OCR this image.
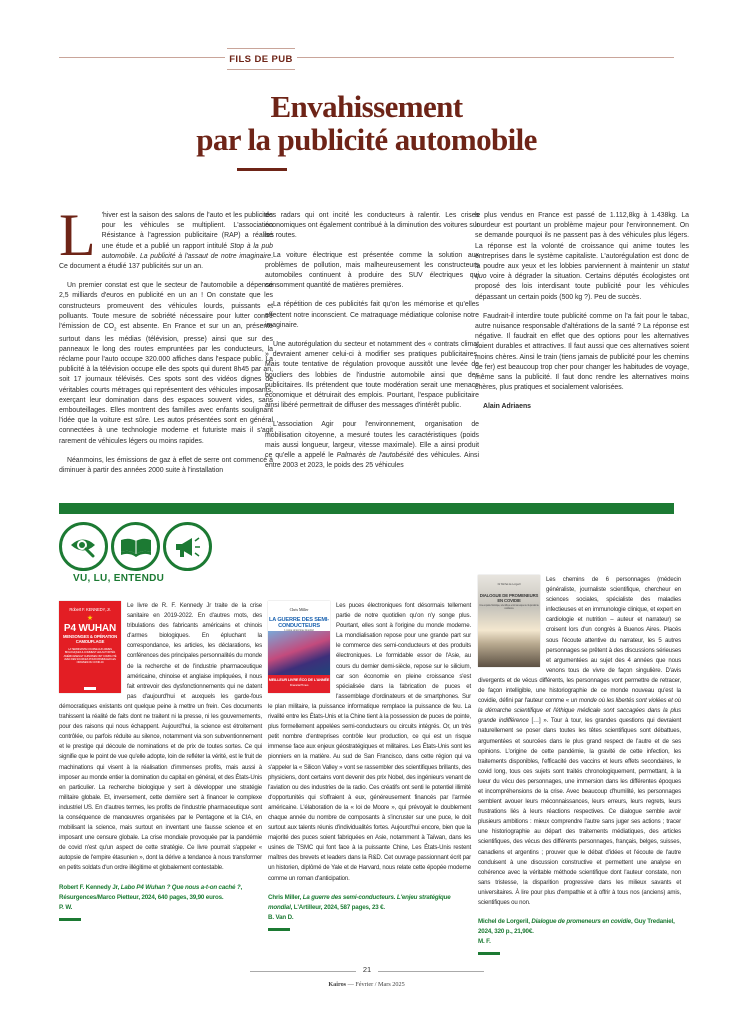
FILS DE PUB
Envahissement
par la publicité automobile

L 'hiver est la saison des salons de l'auto et les publicités pour les véhicules se multiplient. L'association Résistance à l'agression publicitaire (RAP) a réalisé une étude et a publié un rapport intitulé Stop à la pub automobile. La publicité à l'assaut de notre imaginaire. Ce document a étudié 137 publicités sur un an.

Un premier constat est que le secteur de l'automobile a dépensé 2,5 milliards d'euros en publicité en un an ! On constate que les constructeurs promeuvent des véhicules lourds, puissants et polluants. Toute mesure de sobriété nécessaire pour lutter contre l'émission de $CO_2$ est absente. En France et sur un an, présente surtout dans les médias (télévision, presse) ainsi que sur des panneaux le long des routes empruntées par les conducteurs, la réclame pour l'auto occupe 320.000 affiches dans l'espace public. La publicité à la télévision occupe elle des spots qui durent 8h45 par an, soit 17 journaux télévisés. Ces spots sont des vidéos dignes de véritables courts métrages qui représentent des véhicules imposants, exerçant leur domination dans des espaces souvent vides, sans embouteillages. Elles montrent des familles avec enfants soulignant l'idée que la voiture est sûre. Les autos présentées sont en général connectées à une technologie moderne et futuriste mais il s'agit rarement de véhicules légers ou moins rapides.

Néanmoins, les émissions de gaz à effet de serre ont commencé à diminuer à partir des années 2000 suite à l'installation

des radars qui ont incité les conducteurs à ralentir. Les crises économiques ont également contribué à la diminution des voitures sur les routes.

La voiture électrique est présentée comme la solution aux problèmes de pollution, mais malheureusement les constructeurs automobiles continuent à produire des SUV électriques qui consomment quantité de matières premières.

La répétition de ces publicités fait qu'on les mémorise et qu'elles affectent notre inconscient. Ce matraquage médiatique colonise notre imaginaire.

Une autorégulation du secteur et notamment des « contrats climat » devraient amener celui-ci à modifier ses pratiques publicitaires. Mais toute tentative de régulation provoque aussitôt une levée de boucliers des lobbies de l'industrie automobile ainsi que des publicitaires. Ils prétendent que toute modération serait une menace économique et détruirait des emplois. Pourtant, l'espace publicitaire ainsi libéré permettrait de diffuser des messages d'intérêt public.

L'association Agir pour l'environnement, organisation de mobilisation citoyenne, a mesuré toutes les caractéristiques (poids mais aussi longueur, largeur, vitesse maximale). Elle a ainsi produit ce qu'elle a appelé le Palmarès de l'autobésité des véhicules. Ainsi entre 2003 et 2023, le poids des 25 véhicules

le plus vendus en France est passé de 1.112,8kg à 1.438kg. La lourdeur est pourtant un problème majeur pour l'environnement. On se demande pourquoi ils ne passent pas à des véhicules plus légers. La réponse est la volonté de croissance qui anime toutes les entreprises dans le système capitaliste. L'autorégulation est donc de la poudre aux yeux et les lobbies parviennent à maintenir un statut quo voire à dégrader la situation. Certains députés écologistes ont proposé des lois interdisant toute publicité pour les véhicules dépassant un certain poids (500 kg ?). Peu de succès.

Faudrait-il interdire toute publicité comme on l'a fait pour le tabac, autre nuisance responsable d'altérations de la santé ? La réponse est négative. Il faudrait en effet que des options pour les alternatives soient durables et attractives. Il faut aussi que ces alternatives soient moins chères. Ainsi le train (tiens jamais de publicité pour les chemins de fer) est beaucoup trop cher pour changer les habitudes de voyage, même sans la publicité. Il faut donc rendre les alternatives moins chères, plus pratiques et socialement valorisées.

Alain Adriaens

VU, LU, ENTENDU
Robert F. KENNEDY, Jr.
★
P4 WUHAN
MENSONGES & OPÉRATION CAMOUFLAGE
LA TERRIFIANTE COURSE AUX ARMES BIOLOGIQUES & COMMENT LES AUTORITÉS AMÉRICAINES ET CHINOISES ONT COMPLOTÉ AVEC DES SOURCES POUR DISSIMULER LES ORIGINES DU COVID-19
Le livre de R. F. Kennedy Jr traite de la crise sanitaire en 2019-2022. En d'autres mots, des tribulations des fabricants américains et chinois d'armes biologiques. En épluchant la correspondance, les articles, les déclarations, les conférences des principales personnalités du monde de la recherche et de l'industrie pharmaceutique américaine, chinoise et anglaise impliquées, il nous fait entrevoir des dysfonctionnements qui ne datent pas d'aujourd'hui et auxquels les garde-fous démocratiques existants ont quelque peine à mettre un frein. Ces documents trahissent la réalité de faits dont ne traitent ni la presse, ni les gouvernements, pour des raisons qui nous échappent. Aujourd'hui, la science est étroitement contrôlée, ou parfois réduite au silence, notamment via son subventionnement et le prestige qui découle de nominations et de prix de toutes sortes. Ce qui signifie que le point de vue qu'elle adopte, loin de refléter la vérité, est le fruit de machinations qui visent à la réalisation d'immenses profits, mais aussi à imposer au monde entier la domination du capital en général, et des États-Unis en particulier. La recherche biologique y sert à développer une stratégie militaire globale. Et, inversement, cette dernière sert à financer le complexe industriel US. En d'autres termes, les profits de l'industrie pharmaceutique sont la conséquence de manœuvres organisées par le Pentagone et la CIA, en mobilisant la science, mais surtout en inventant une fausse science et en imposant une censure globale. La crise mondiale provoquée par la pandémie de covid n'est qu'un aspect de cette stratégie. Ce livre pourrait s'appeler « autopsie de l'empire étasunien », dont la dérive a tendance à nous transformer en petits soldats d'un ordre illégitime et globalement contestable.
Robert F. Kennedy Jr, Labo P4 Wuhan ? Que nous a-t-on caché ?, Résurgences/Marco Pietteur, 2024, 640 pages, 39,90 euros.
P. W.
Chris Miller
LA GUERRE DES SEMI-CONDUCTEURS
MEILLEUR LIVRE ÉCO DE L'ANNÉE
Financial Times
Les puces électroniques font désormais tellement partie de notre quotidien qu'on n'y songe plus. Pourtant, elles sont à l'origine du monde moderne. La mondialisation repose pour une grande part sur le commerce des semi-conducteurs et des produits électroniques. Le formidable essor de l'Asie, au cours du dernier demi-siècle, repose sur le silicium, car son économie en pleine croissance s'est spécialisée dans la fabrication de puces et l'assemblage d'ordinateurs et de smartphones. Sur le plan militaire, la puissance informatique remplace la puissance de feu. La rivalité entre les États-Unis et la Chine tient à la possession de puces de pointe, plus formellement appelées semi-conducteurs ou circuits intégrés. Or, un très petit nombre d'entreprises contrôle leur production, ce qui est un risque immense face aux enjeux géostratégiques et militaires. Les États-Unis sont les pionniers en la matière. Au sud de San Francisco, dans cette région qui va s'appeler la « Silicon Valley » vont se rassembler des scientifiques brillants, des physiciens, dont certains vont devenir des prix Nobel, des ingénieurs venant de l'aviation ou des industries de la radio. Ces créatifs ont senti le potentiel illimité d'opportunités qui s'offraient à eux, généreusement financés par l'armée américaine. L'élaboration de la « loi de Moore », qui prévoyait le doublement chaque année du nombre de composants à s'incruster sur une puce, le doit surtout aux talents réunis d'individualités fortes. Aujourd'hui encore, bien que la majorité des puces soient fabriquées en Asie, notamment à Taïwan, dans les usines de TSMC qui font face à la puissante Chine, Les États-Unis restent maîtres des brevets et leaders dans la R&D. Cet ouvrage passionnant écrit par un historien, diplômé de Yale et de Harvard, nous relate cette épopée moderne comme un roman d'anticipation.
Chris Miller, La guerre des semi-conducteurs. L'enjeu stratégique mondial, L'Artilleur, 2024, 587 pages, 23 €.
B. Van D.
Dr Michel de Lorgeril
DIALOGUE DE PROMENEURS EN COVIDIE
Une enquête historique, scientifique et romanesque sur la pandémie covidienne
Les chemins de 6 personnages (médecin généraliste, journaliste scientifique, chercheur en sciences sociales, spécialiste des maladies infectieuses et en immunologie clinique, et expert en cardiologie et nutrition – auteur et narrateur) se croisent lors d'un congrès à Buenos Aires. Placés sous l'écoute attentive du narrateur, les 5 autres personnages se prêtent à des discussions sérieuses et argumentées au sujet des 4 années que nous venons tous de vivre de façon singulière. D'avis divergents et de vécus différents, les personnages vont permettre de retracer, de façon intelligible, une historiographie de ce monde nouveau qu'est la covidie, défini par l'auteur comme « un monde où les libertés sont violées et où la démarche scientifique et l'éthique médicale sont saccagées dans la plus grande indifférence […] ». Tour à tour, les grandes questions qui devraient naturellement se poser dans toutes les têtes scientifiques sont débattues, argumentées et sourcées dans le plus grand respect de l'autre et de ses opinions. L'origine de cette pandémie, la gravité de cette infection, les traitements disponibles, l'efficacité des vaccins et leurs effets secondaires, le covid long, tous ces sujets sont traités chronologiquement, permettant, à la lueur du vécu des personnages, une immersion dans les différentes époques et incompréhensions de la crise. Avec beaucoup d'humilité, les personnages semblent avouer leurs méconnaissances, leurs erreurs, leurs regrets, leurs frustrations liés à leurs réactions respectives. Ce dialogue semble avoir plusieurs ambitions : mieux comprendre l'autre sans juger ses actions ; tracer une historiographie au départ des traitements médiatiques, des articles scientifiques, des vécus des différents personnages, français, belges, suisses, canadiens et argentins ; prouver que le débat d'idées et l'écoute de l'autre conduisent à une discussion constructive et permettent une analyse en cohérence avec la véritable méthode scientifique dont l'auteur constate, non sans tristesse, la disparition progressive dans les milieux savants et universitaires. À lire pour plus d'empathie et à offrir à tous nos (anciens) amis, scientifiques ou non.
Michel de Lorgeril, Dialogue de promeneurs en covidie, Guy Tredaniel, 2024, 320 p., 21,90€.
M. F.
21
Kairos — Février / Mars 2025
